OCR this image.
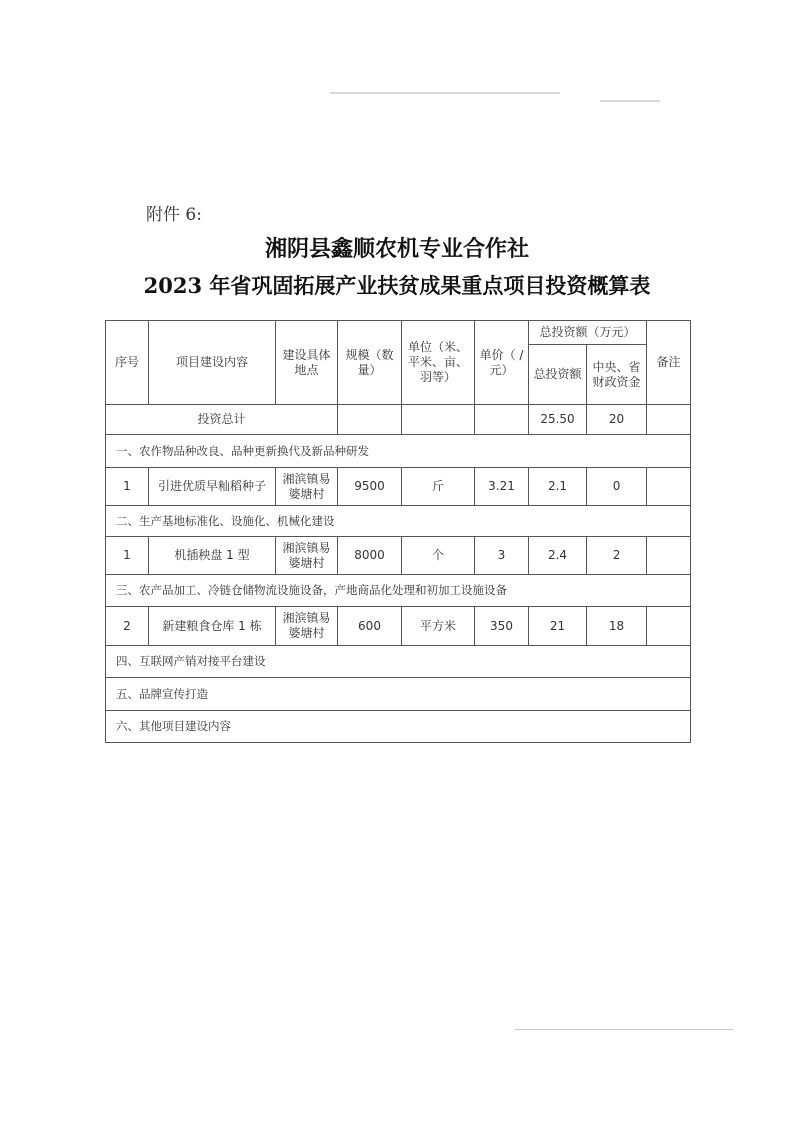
附件 6:
湘阴县鑫顺农机专业合作社
2023 年省巩固拓展产业扶贫成果重点项目投资概算表
序号	项目建设内容	建设具体地点	规模（数量）	单位（米、平米、亩、羽等）	单价（ / 元）	总投资额（万元）		备注
						总投资额	中央、省财政资金	
投资总计						25.50	20	
一、农作物品种改良、品种更新换代及新品种研发								
1	引进优质早籼稻种子	湘滨镇易婆塘村	9500	斤	3.21	2.1	0	
二、生产基地标准化、设施化、机械化建设								
1	机插秧盘 1 型	湘滨镇易婆塘村	8000	个	3	2.4	2	
三、农产品加工、冷链仓储物流设施设备，产地商品化处理和初加工设施设备								
2	新建粮食仓库 1 栋	湘滨镇易婆塘村	600	平方米	350	21	18	
四、互联网产销对接平台建设								
五、品牌宣传打造								
六、其他项目建设内容								
